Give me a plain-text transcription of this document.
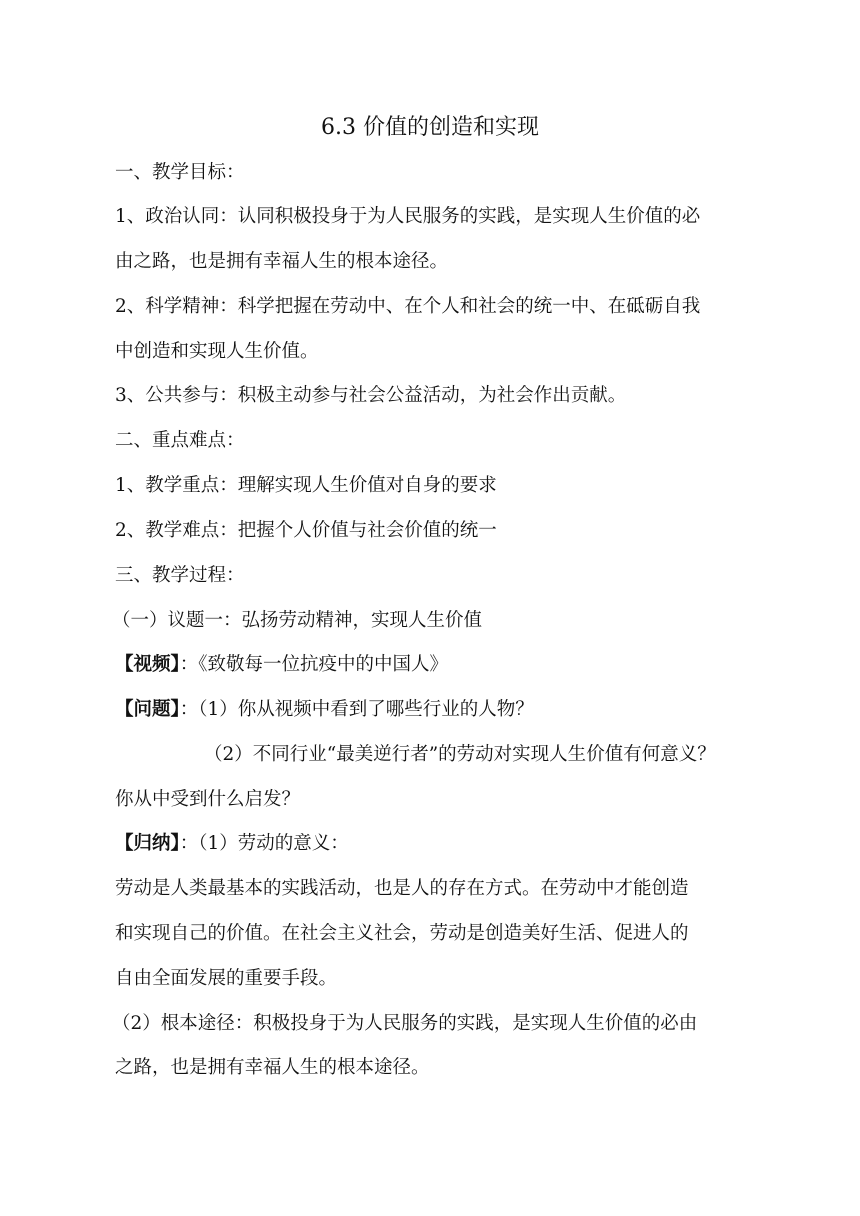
6.3 价值的创造和实现
一、教学目标：
1、政治认同：认同积极投身于为人民服务的实践，是实现人生价值的必
由之路，也是拥有幸福人生的根本途径。
2、科学精神：科学把握在劳动中、在个人和社会的统一中、在砥砺自我
中创造和实现人生价值。
3、公共参与：积极主动参与社会公益活动，为社会作出贡献。
二、重点难点：
1、教学重点：理解实现人生价值对自身的要求
2、教学难点：把握个人价值与社会价值的统一
三、教学过程：
（一）议题一：弘扬劳动精神，实现人生价值
【视频】：《致敬每一位抗疫中的中国人》
【问题】：（1）你从视频中看到了哪些行业的人物？
（2）不同行业“最美逆行者”的劳动对实现人生价值有何意义？
你从中受到什么启发？
【归纳】：（1）劳动的意义：
劳动是人类最基本的实践活动，也是人的存在方式。在劳动中才能创造
和实现自己的价值。在社会主义社会，劳动是创造美好生活、促进人的
自由全面发展的重要手段。
（2）根本途径：积极投身于为人民服务的实践，是实现人生价值的必由
之路，也是拥有幸福人生的根本途径。
